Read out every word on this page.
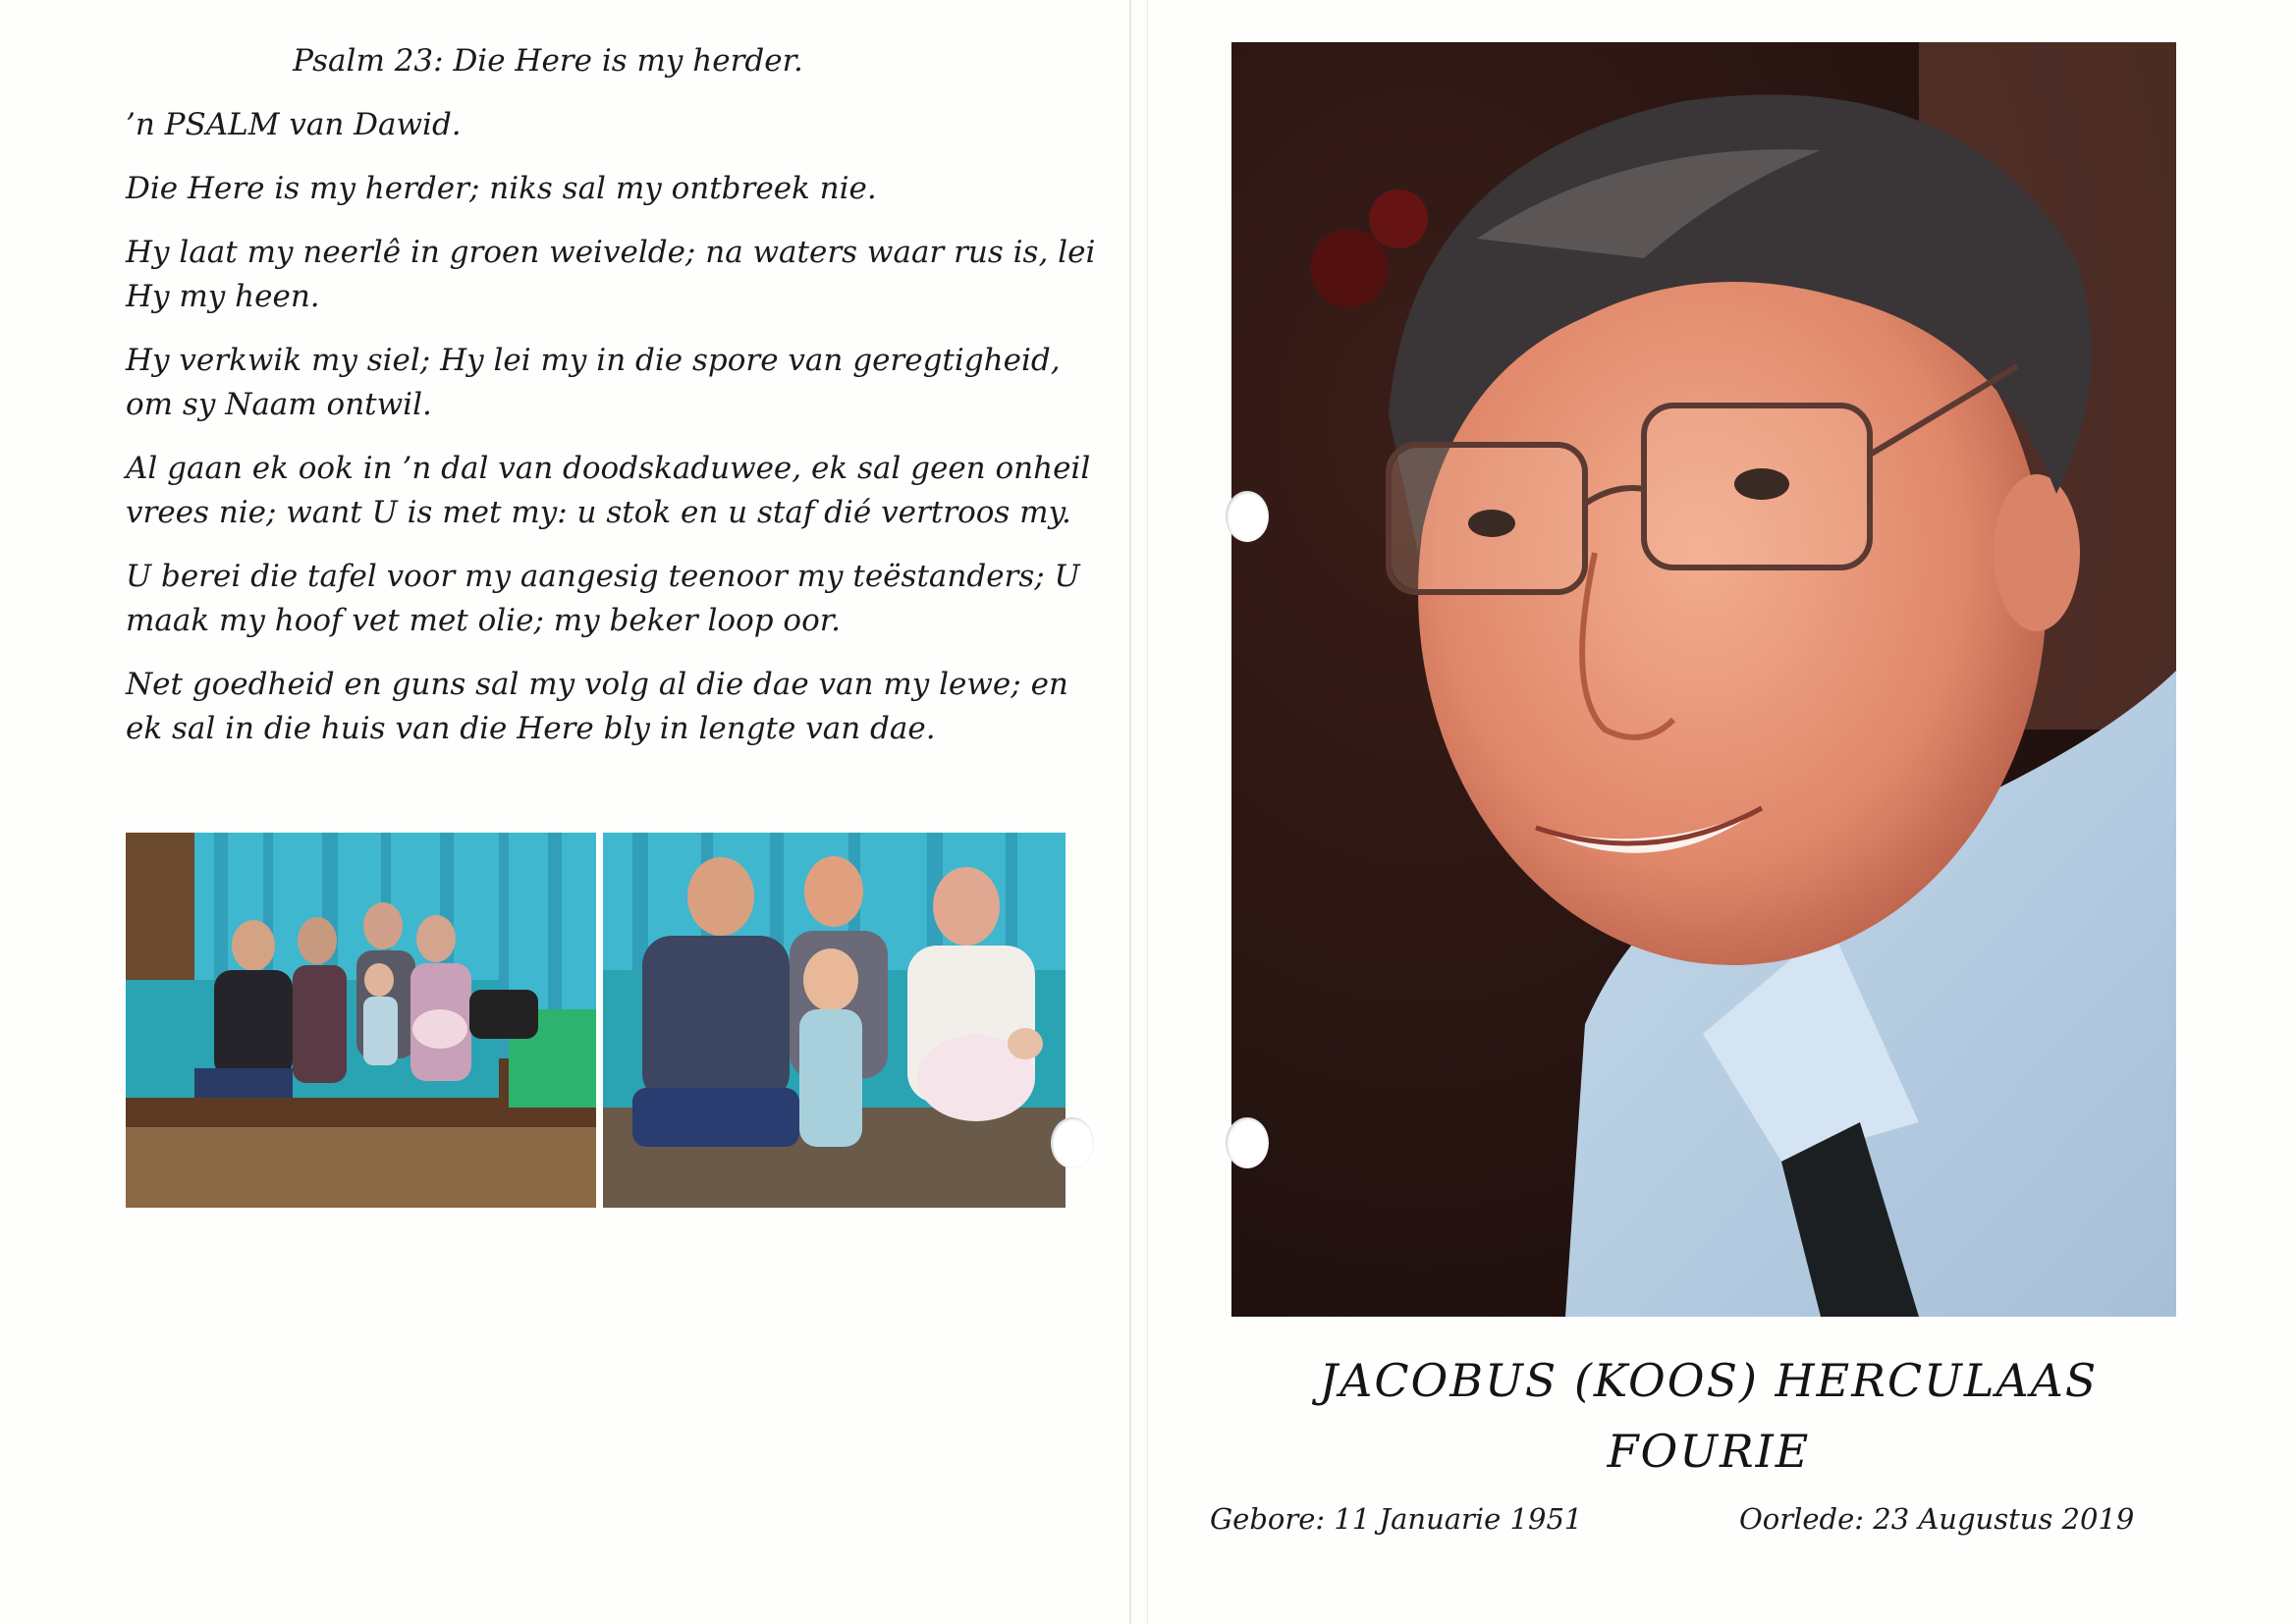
Psalm 23: Die Here is my herder.

’n PSALM van Dawid.

Die Here is my herder; niks sal my ontbreek nie.

Hy laat my neerlê in groen weivelde; na waters waar rus is, lei Hy my heen.

Hy verkwik my siel; Hy lei my in die spore van geregtigheid, om sy Naam ontwil.

Al gaan ek ook in ’n dal van doodskaduwee, ek sal geen onheil vrees nie; want U is met my: u stok en u staf dié vertroos my.

U berei die tafel voor my aangesig teenoor my teëstanders; U maak my hoof vet met olie; my beker loop oor.

Net goedheid en guns sal my volg al die dae van my lewe; en ek sal in die huis van die Here bly in lengte van dae.

JACOBUS (KOOS) HERCULAAS
FOURIE
Gebore: 11 Januarie 1951	Oorlede: 23 Augustus 2019
